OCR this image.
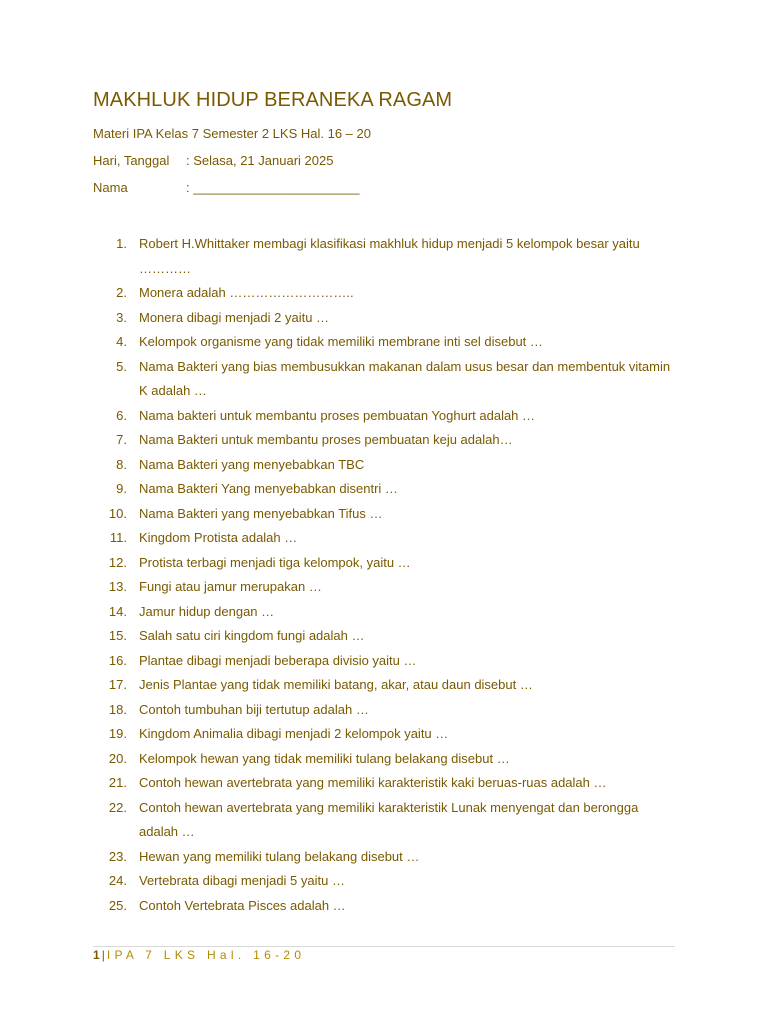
MAKHLUK HIDUP BERANEKA RAGAM
Materi IPA Kelas 7 Semester 2 LKS Hal. 16 – 20
Hari, Tanggal : Selasa, 21 Januari 2025
Nama	: _______________________
1. Robert H.Whittaker membagi klasifikasi makhluk hidup menjadi 5 kelompok besar yaitu …………
2. Monera adalah ………………………..
3. Monera dibagi menjadi 2 yaitu …
4. Kelompok organisme yang tidak memiliki membrane inti sel disebut …
5. Nama Bakteri yang bias membusukkan makanan dalam usus besar dan membentuk vitamin K adalah …
6. Nama bakteri untuk membantu proses pembuatan Yoghurt adalah …
7. Nama Bakteri untuk membantu proses pembuatan keju adalah…
8. Nama Bakteri yang menyebabkan TBC
9. Nama Bakteri Yang menyebabkan disentri …
10. Nama Bakteri yang menyebabkan Tifus …
11. Kingdom Protista adalah …
12. Protista terbagi menjadi tiga kelompok, yaitu …
13. Fungi atau jamur merupakan …
14. Jamur hidup dengan …
15. Salah satu ciri kingdom fungi adalah …
16. Plantae dibagi menjadi beberapa divisio yaitu …
17. Jenis Plantae yang tidak memiliki batang, akar, atau daun disebut …
18. Contoh tumbuhan biji tertutup adalah …
19. Kingdom Animalia dibagi menjadi 2 kelompok yaitu …
20. Kelompok hewan yang tidak memiliki tulang belakang disebut …
21. Contoh hewan avertebrata yang memiliki karakteristik kaki beruas-ruas adalah …
22. Contoh hewan avertebrata yang memiliki karakteristik Lunak menyengat dan berongga adalah …
23. Hewan yang memiliki tulang belakang disebut …
24. Vertebrata dibagi menjadi 5 yaitu …
25. Contoh Vertebrata Pisces adalah …
1 | IPA 7 LKS Hal. 16-20
